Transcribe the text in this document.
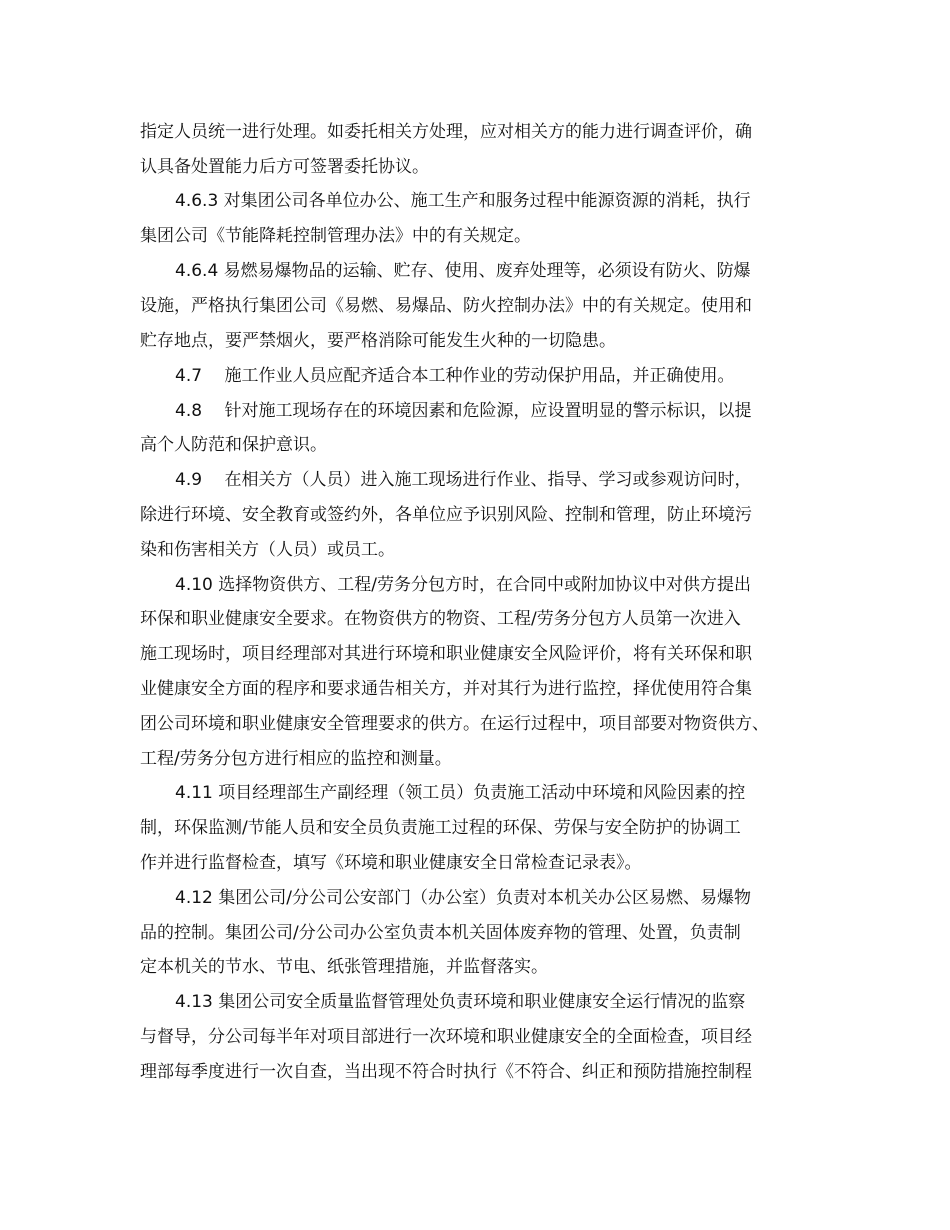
指定人员统一进行处理。如委托相关方处理，应对相关方的能力进行调查评价，确
认具备处置能力后方可签署委托协议。
4.6.3 对集团公司各单位办公、施工生产和服务过程中能源资源的消耗，执行
集团公司《节能降耗控制管理办法》中的有关规定。
4.6.4 易燃易爆物品的运输、贮存、使用、废弃处理等，必须设有防火、防爆
设施，严格执行集团公司《易燃、易爆品、防火控制办法》中的有关规定。使用和
贮存地点，要严禁烟火，要严格消除可能发生火种的一切隐患。
4.7　 施工作业人员应配齐适合本工种作业的劳动保护用品，并正确使用。
4.8　 针对施工现场存在的环境因素和危险源，应设置明显的警示标识，以提
高个人防范和保护意识。
4.9　 在相关方（人员）进入施工现场进行作业、指导、学习或参观访问时，
除进行环境、安全教育或签约外，各单位应予识别风险、控制和管理，防止环境污
染和伤害相关方（人员）或员工。
4.10 选择物资供方、工程/劳务分包方时，在合同中或附加协议中对供方提出
环保和职业健康安全要求。在物资供方的物资、工程/劳务分包方人员第一次进入
施工现场时，项目经理部对其进行环境和职业健康安全风险评价，将有关环保和职
业健康安全方面的程序和要求通告相关方，并对其行为进行监控，择优使用符合集
团公司环境和职业健康安全管理要求的供方。在运行过程中，项目部要对物资供方、
工程/劳务分包方进行相应的监控和测量。
4.11 项目经理部生产副经理（领工员）负责施工活动中环境和风险因素的控
制，环保监测/节能人员和安全员负责施工过程的环保、劳保与安全防护的协调工
作并进行监督检查，填写《环境和职业健康安全日常检查记录表》。
4.12 集团公司/分公司公安部门（办公室）负责对本机关办公区易燃、易爆物
品的控制。集团公司/分公司办公室负责本机关固体废弃物的管理、处置，负责制
定本机关的节水、节电、纸张管理措施，并监督落实。
4.13 集团公司安全质量监督管理处负责环境和职业健康安全运行情况的监察
与督导，分公司每半年对项目部进行一次环境和职业健康安全的全面检查，项目经
理部每季度进行一次自查，当出现不符合时执行《不符合、纠正和预防措施控制程
